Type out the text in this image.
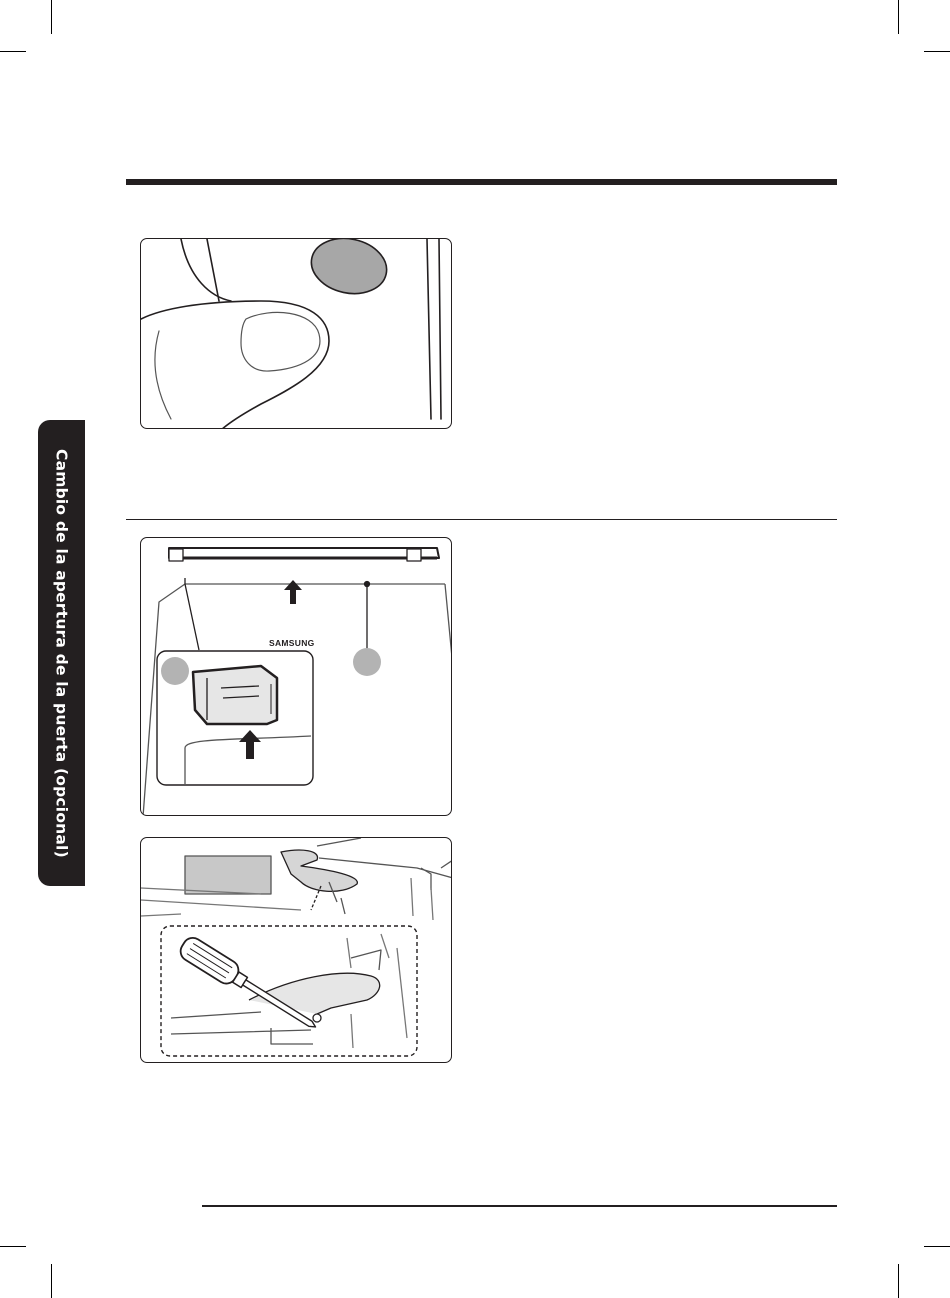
Cambio de la apertura de la puerta (opcional)	SAMSUNG
